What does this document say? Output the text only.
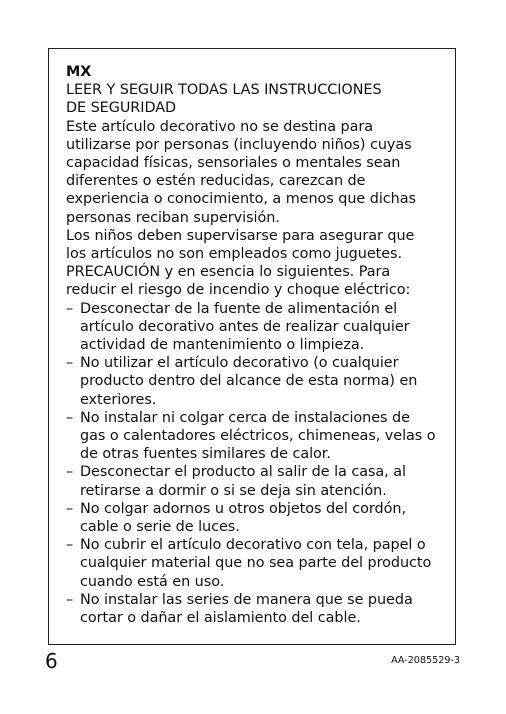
MX

LEER Y SEGUIR TODAS LAS INSTRUCCIONES

DE SEGURIDAD

Este artículo decorativo no se destina para utilizarse por personas (incluyendo niños) cuyas capacidad físicas, sensoriales o mentales sean diferentes o estén reducidas, carezcan de experiencia o conocimiento, a menos que dichas personas reciban supervisión.

Los niños deben supervisarse para asegurar que los artículos no son empleados como juguetes.

PRECAUCIÓN y en esencia lo siguientes. Para reducir el riesgo de incendio y choque eléctrico:

– Desconectar de la fuente de alimentación el artículo decorativo antes de realizar cualquier actividad de mantenimiento o limpieza.
– No utilizar el artículo decorativo (o cualquier producto dentro del alcance de esta norma) en exteriores.
– No instalar ni colgar cerca de instalaciones de gas o calentadores eléctricos, chimeneas, velas o de otras fuentes similares de calor.
– Desconectar el producto al salir de la casa, al retirarse a dormir o si se deja sin atención.
– No colgar adornos u otros objetos del cordón, cable o serie de luces.
– No cubrir el artículo decorativo con tela, papel o cualquier material que no sea parte del producto cuando está en uso.
– No instalar las series de manera que se pueda cortar o dañar el aislamiento del cable.
6	AA-2085529-3
